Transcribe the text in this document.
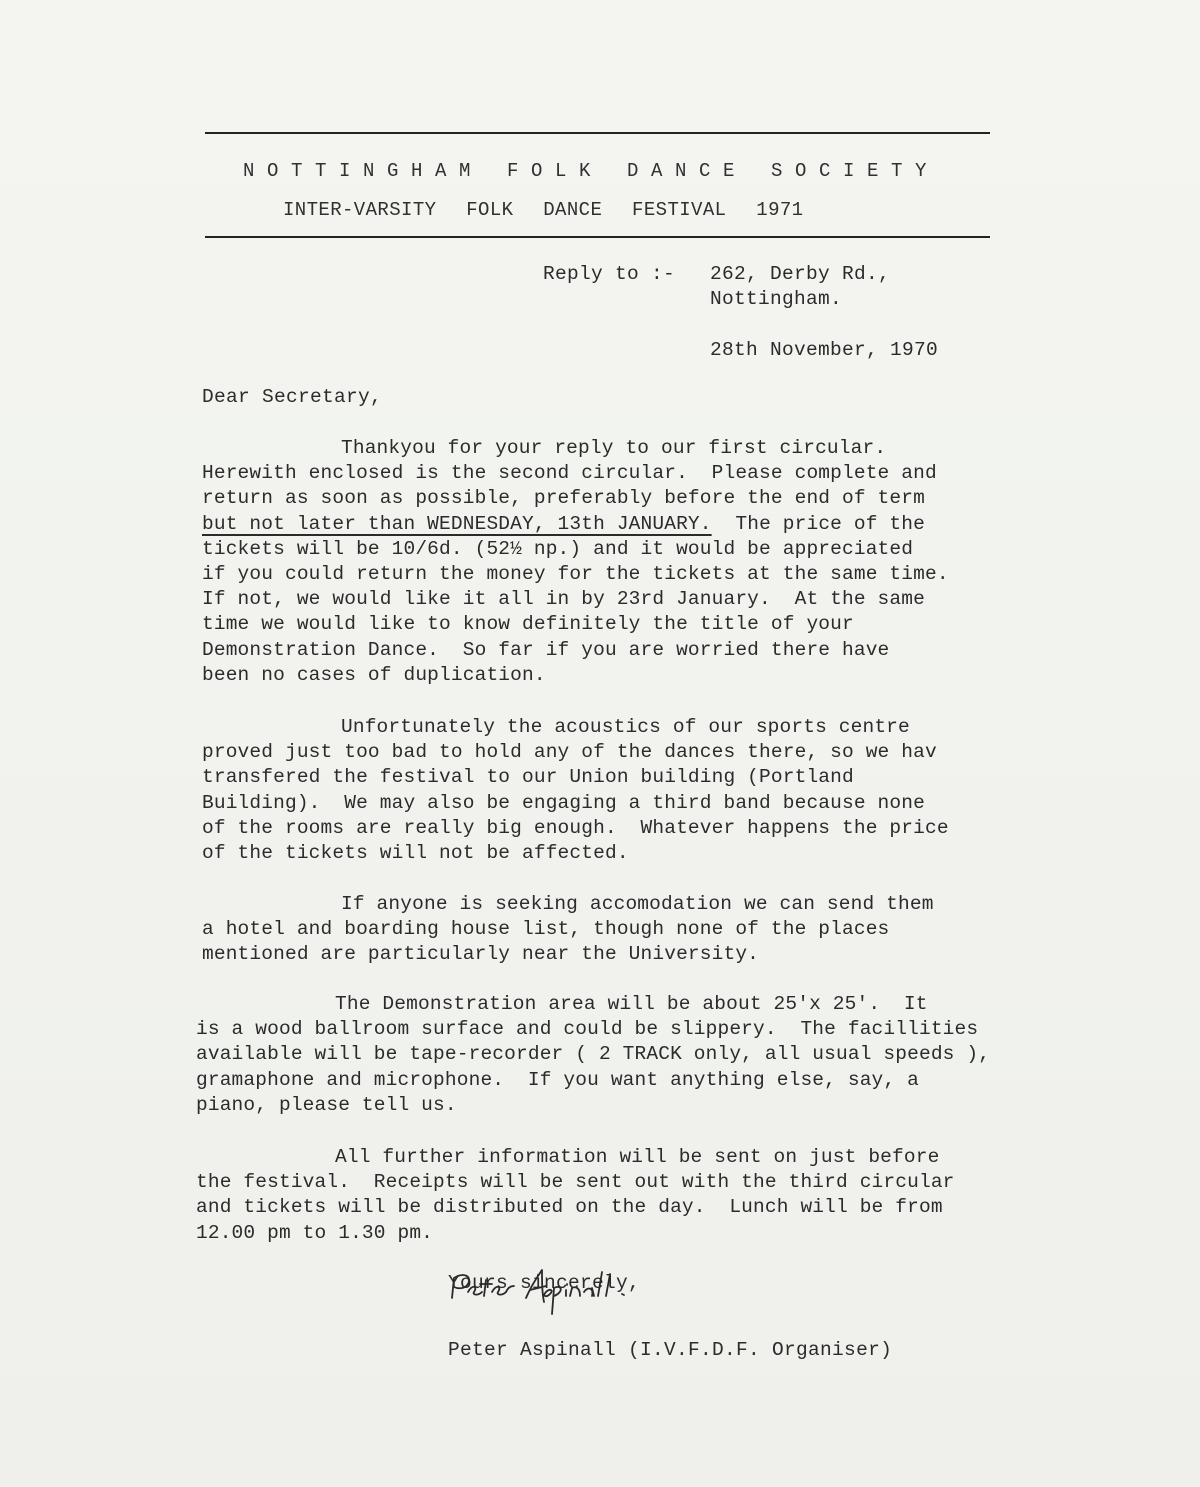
NOTTINGHAM FOLK DANCE SOCIETY
INTER-VARSITY FOLK DANCE FESTIVAL 1971
Reply to :- 262, Derby Rd.,
Nottingham.
28th November, 1970
Dear Secretary,
Thankyou for your reply to our first circular.
Herewith enclosed is the second circular.  Please complete and
return as soon as possible, preferably before the end of term
but not later than WEDNESDAY, 13th JANUARY. The price of the
tickets will be 10/6d. (52½ np.) and it would be appreciated
if you could return the money for the tickets at the same time.
If not, we would like it all in by 23rd January.  At the same
time we would like to know definitely the title of your
Demonstration Dance.  So far if you are worried there have
been no cases of duplication.
Unfortunately the acoustics of our sports centre
proved just too bad to hold any of the dances there, so we hav
transfered the festival to our Union building (Portland
Building).  We may also be engaging a third band because none
of the rooms are really big enough.  Whatever happens the price
of the tickets will not be affected.
If anyone is seeking accomodation we can send them
a hotel and boarding house list, though none of the places
mentioned are particularly near the University.
The Demonstration area will be about 25'x 25'.  It
is a wood ballroom surface and could be slippery.  The facillities
available will be tape-recorder ( 2 TRACK only, all usual speeds ),
gramaphone and microphone.  If you want anything else, say, a
piano, please tell us.
All further information will be sent on just before
the festival.  Receipts will be sent out with the third circular
and tickets will be distributed on the day.  Lunch will be from
12.00 pm to 1.30 pm.
Yours sincerely,
Peter Aspinall (I.V.F.D.F. Organiser)
